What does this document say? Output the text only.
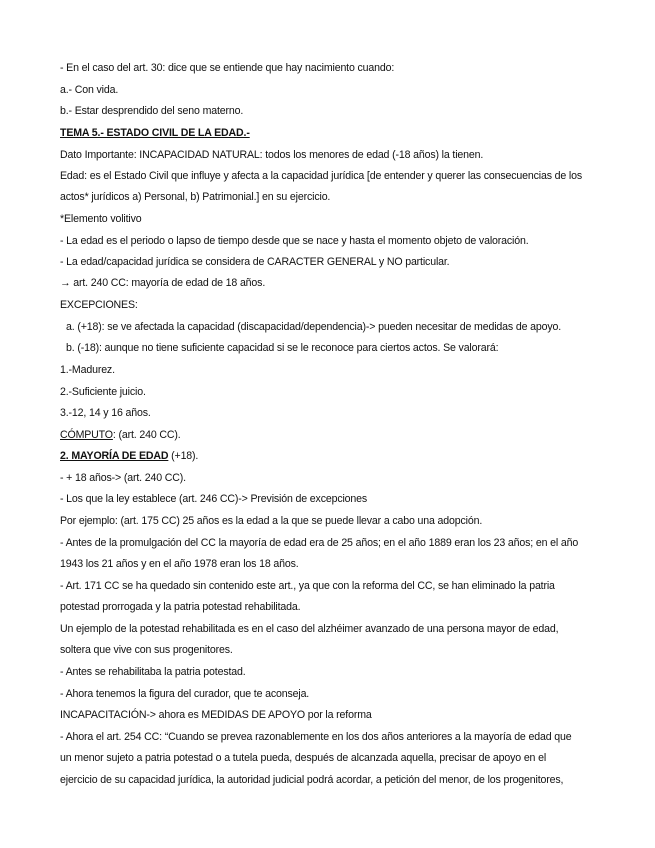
- En el caso del art. 30: dice que se entiende que hay nacimiento cuando:
a.- Con vida.
b.- Estar desprendido del seno materno.
TEMA 5.- ESTADO CIVIL DE LA EDAD.-
Dato Importante: INCAPACIDAD NATURAL: todos los menores de edad (-18 años) la tienen.
Edad: es el Estado Civil que influye y afecta a la capacidad jurídica [de entender y querer las consecuencias de los
actos* jurídicos a) Personal, b) Patrimonial.] en su ejercicio.
*Elemento volitivo
- La edad es el periodo o lapso de tiempo desde que se nace y hasta el momento objeto de valoración.
- La edad/capacidad jurídica se considera de CARACTER GENERAL y NO particular.
→ art. 240 CC: mayoría de edad de 18 años.
EXCEPCIONES:
a. (+18): se ve afectada la capacidad (discapacidad/dependencia)-> pueden necesitar de medidas de apoyo.
b. (-18): aunque no tiene suficiente capacidad si se le reconoce para ciertos actos. Se valorará:
1.-Madurez.
2.-Suficiente juicio.
3.-12, 14 y 16 años.
CÓMPUTO: (art. 240 CC).
2. MAYORÍA DE EDAD (+18).
- + 18 años-> (art. 240 CC).
- Los que la ley establece (art. 246 CC)-> Previsión de excepciones
Por ejemplo: (art. 175 CC) 25 años es la edad a la que se puede llevar a cabo una adopción.
- Antes de la promulgación del CC la mayoría de edad era de 25 años; en el año 1889 eran los 23 años; en el año
1943 los 21 años y en el año 1978 eran los 18 años.
- Art. 171 CC se ha quedado sin contenido este art., ya que con la reforma del CC, se han eliminado la patria
potestad prorrogada y la patria potestad rehabilitada.
Un ejemplo de la potestad rehabilitada es en el caso del alzhéimer avanzado de una persona mayor de edad,
soltera que vive con sus progenitores.
- Antes se rehabilitaba la patria potestad.
- Ahora tenemos la figura del curador, que te aconseja.
INCAPACITACIÓN-> ahora es MEDIDAS DE APOYO por la reforma
- Ahora el art. 254 CC: “Cuando se prevea razonablemente en los dos años anteriores a la mayoría de edad que
un menor sujeto a patria potestad o a tutela pueda, después de alcanzada aquella, precisar de apoyo en el
ejercicio de su capacidad jurídica, la autoridad judicial podrá acordar, a petición del menor, de los progenitores,
